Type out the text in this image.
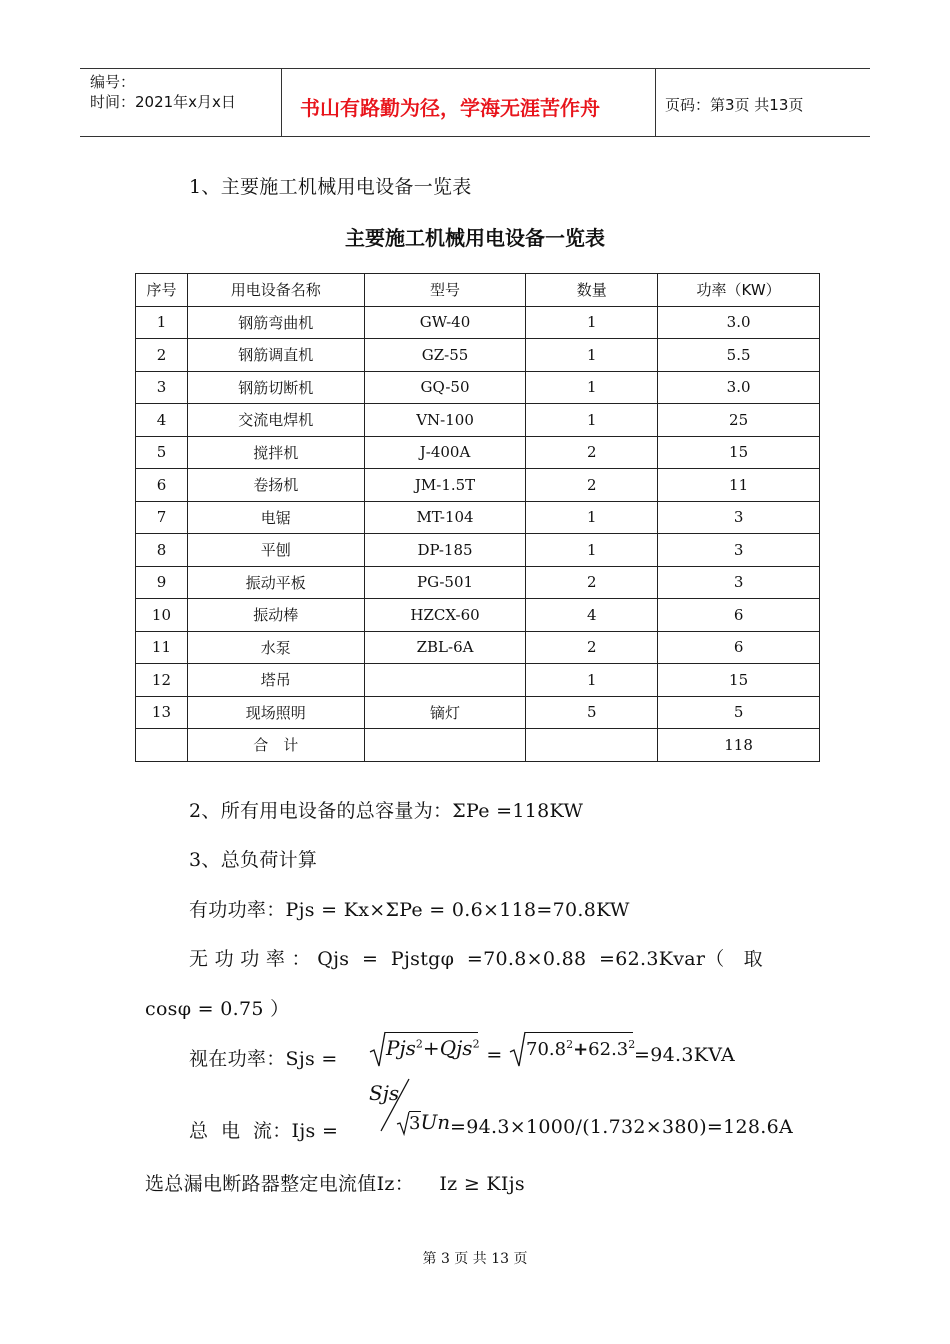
编号：
时间：2021年x月x日	书山有路勤为径，学海无涯苦作舟	页码：第3页 共13页
1、主要施工机械用电设备一览表
主要施工机械用电设备一览表
序号	用电设备名称	型号	数量	功率（KW）
1	钢筋弯曲机	GW-40	1	3.0
2	钢筋调直机	GZ-55	1	5.5
3	钢筋切断机	GQ-50	1	3.0
4	交流电焊机	VN-100	1	25
5	搅拌机	J-400A	2	15
6	卷扬机	JM-1.5T	2	11
7	电锯	MT-104	1	3
8	平刨	DP-185	1	3
9	振动平板	PG-501	2	3
10	振动棒	HZCX-60	4	6
11	水泵	ZBL-6A	2	6
12	塔吊		1	15
13	现场照明	镝灯	5	5
	合　计			118
2、所有用电设备的总容量为：ΣPe =118KW
3、总负荷计算
有功功率：Pjs = Kx×ΣPe = 0.6×118=70.8KW
无 功 功 率 ： Qjs  =  Pjstgφ  =70.8×0.88  =62.3Kvar（   取
cosφ = 0.75 ）
视在功率：Sjs = Pjs$^2$+Qjs$^2$
= $70.8^2+62.3^2$
=94.3KVA
Sjs
3Un
总  电  流：Ijs =	=94.3×1000/(1.732×380)=128.6A
选总漏电断路器整定电流值Iz：    Iz ≥ KIjs
第 3 页 共 13 页
